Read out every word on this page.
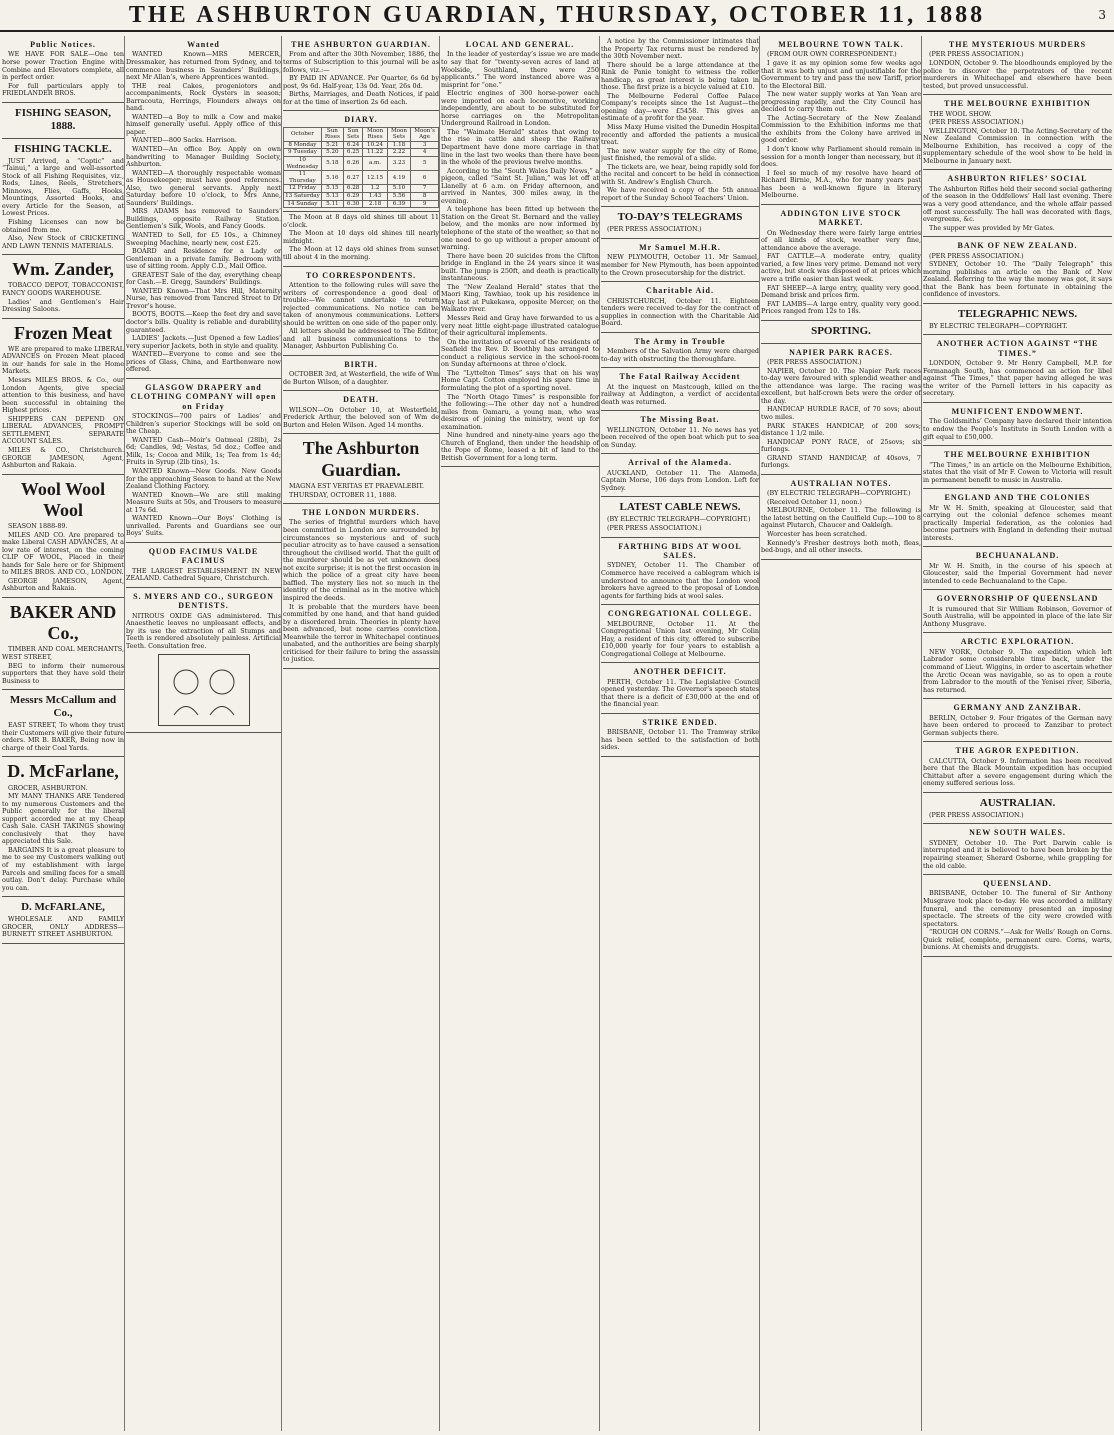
THE ASHBURTON GUARDIAN, THURSDAY, OCTOBER 11, 1888	3
Public Notices.

WE HAVE FOR SALE—One ten horse power Traction Engine with Combine and Elevators complete, all in perfect order.

For full particulars apply to FRIEDLANDER BROS.

FISHING SEASON, 1888.
FISHING TACKLE.

JUST Arrived, a “Coptic” and “Tainui,” a large and well-assorted Stock of all Fishing Requisites, viz., Rods, Lines, Reels, Stretchers, Minnows, Flies, Gaffs, Hooks, Mountings, Assorted Hooks, and every Article for the Season, at Lowest Prices.

Fishing Licenses can now be obtained from me.

Also, New Stock of CRICKETING AND LAWN TENNIS MATERIALS.

Wm. Zander,

TOBACCO DEPOT, TOBACCONIST, FANCY GOODS WAREHOUSE.

Ladies’ and Gentlemen’s Hair Dressing Saloons.

Frozen Meat

WE are prepared to make LIBERAL ADVANCES on Frozen Meat placed in our hands for sale in the Home Markets.

Messrs MILES BROS. & Co., our London Agents, give special attention to this business, and have been successful in obtaining the Highest prices.

SHIPPERS CAN DEPEND ON LIBERAL ADVANCES, PROMPT SETTLEMENT, SEPARATE ACCOUNT SALES.

MILES & CO., Christchurch. GEORGE JAMESON, Agent, Ashburton and Rakaia.

Wool Wool Wool

SEASON 1888-89.

MILES AND CO. Are prepared to make Liberal CASH ADVANCES, At a low rate of interest, on the coming CLIP OF WOOL, Placed in their hands for Sale here or for Shipment to MILES BROS. AND CO., LONDON.

GEORGE JAMESON, Agent, Ashburton and Rakaia.

BAKER AND Co.,

TIMBER AND COAL MERCHANTS, WEST STREET,

BEG to inform their numerous supporters that they have sold their Business to

Messrs McCallum and Co.,

EAST STREET, To whom they trust their Customers will give their future orders. MR B. BAKER, Being now in charge of their Coal Yards.

D. McFarlane,

GROCER, ASHBURTON.

MY MANY THANKS ARE Tendered to my numerous Customers and the Public generally for the liberal support accorded me at my Cheap Cash Sale. CASH TAKINGS showing conclusively that they have appreciated this Sale.

BARGAINS It is a great pleasure to me to see my Customers walking out of my establishment with large Parcels and smiling faces for a small outlay. Don’t delay. Purchase while you can.

D. McFARLANE,

WHOLESALE AND FAMILY GROCER, ONLY ADDRESS— BURNETT STREET ASHBURTON.

Wanted

WANTED Known—MRS MERCER, Dressmaker, has returned from Sydney, and to commence business in Saunders’ Buildings, next Mr Allan’s, where Apprentices wanted.

THE real Cakes, progeniotors and accompaniments, Rock Oysters in season; Barracouta, Herrings, Flounders always on hand.

WANTED—a Boy to milk a Cow and make himself generally useful. Apply office of this paper.

WANTED—800 Sacks. Harrison.

WANTED—An office Boy. Apply on own handwriting to Manager Building Society, Ashburton.

WANTED—A thoroughly respectable woman as Housekeeper; must have good references. Also, two general servants. Apply next Saturday before 10 o’clock, to Mrs Anne, Saunders’ Buildings.

MRS ADAMS has removed to Saunders’ Buildings, opposite Railway Station. Gentlemen’s Silk, Wools, and Fancy Goods.

WANTED to Sell, for £5 10s., a Chimney Sweeping Machine, nearly new, cost £25.

BOARD and Residence for a Lady or Gentleman in a private family. Bedroom with use of sitting room. Apply C.D., Mail Office.

GREATEST Sale of the day, everything cheap for Cash.—E. Gregg, Saunders’ Buildings.

WANTED Known—That Mrs Hill, Maternity Nurse, has removed from Tancred Street to Dr Trevor’s house.

BOOTS, BOOTS.—Keep the feet dry and save doctor’s bills. Quality is reliable and durability guaranteed.

LADIES’ Jackets.—Just Opened a few Ladies’ very superior Jackets, both in style and quality.

WANTED—Everyone to come and see the prices of Glass, China, and Earthenware now offered.

GLASGOW DRAPERY and CLOTHING COMPANY will open on Friday

STOCKINGS—700 pairs of Ladies’ and Children’s superior Stockings will be sold on the Cheap.

WANTED Cash—Moir’s Oatmeal (28lb), 2s 6d; Candles, 9d; Vestas, 5d doz.; Coffee and Milk, 1s; Cocoa and Milk, 1s; Tea from 1s 4d; Fruits in Syrup (2lb tins), 1s.

WANTED Known—New Goods. New Goods for the approaching Season to hand at the New Zealand Clothing Factory.

WANTED Known—We are still making Measure Suits at 50s, and Trousers to measure at 17s 6d.

WANTED Known—Our Boys’ Clothing is unrivalled. Parents and Guardians see our Boys’ Suits.

QUOD FACIMUS VALDE FACIMUS

THE LARGEST ESTABLISHMENT IN NEW ZEALAND. Cathedral Square, Christchurch.

S. MYERS AND CO., SURGEON DENTISTS.

NITROUS OXIDE GAS administered. This Anaesthetic leaves no unpleasant effects, and by its use the extraction of all Stumps and Teeth is rendered absolutely painless. Artificial Teeth. Consultation free.

THE ASHBURTON GUARDIAN.

From and after the 30th November, 1886, the terms of Subscription to this journal will be as follows, viz.:—

BY PAID IN ADVANCE. Per Quarter, 6s 6d by post, 9s 6d. Half-year, 13s 0d. Year, 26s 0d.

Births, Marriages, and Death Notices, if paid for at the time of insertion 2s 6d each.

DIARY.
October	Sun Rises	Sun Sets	Moon Rises	Moon Sets	Moon’s Age
8 Monday	5.21	6.24	10.24	1.18	3
9 Tuesday	5.20	6.25	11.22	2.22	4
10 Wednesday	5.18	6.26	a.m.	3.23	5
11 Thursday	5.16	6.27	12.15	4.19	6
12 Friday	5.15	6.28	1.2	5.10	7
13 Saturday	5.13	6.29	1.43	5.56	8
14 Sunday	5.11	6.30	2.18	6.39	9

The Moon at 8 days old shines till about 11 o’clock.

The Moon at 10 days old shines till nearly midnight.

The Moon at 12 days old shines from sunset till about 4 in the morning.

TO CORRESPONDENTS.

Attention to the following rules will save the writers of correspondence a good deal of trouble:—We cannot undertake to return rejected communications. No notice can be taken of anonymous communications. Letters should be written on one side of the paper only.

All letters should be addressed to The Editor, and all business communications to the Manager, Ashburton Publishing Co.

BIRTH.

OCTOBER 3rd, at Westerfield, the wife of Wm de Burton Wilson, of a daughter.

DEATH.

WILSON—On October 10, at Westerfield, Frederick Arthur, the beloved son of Wm de Burton and Helen Wilson. Aged 14 months.

The Ashburton Guardian.

MAGNA EST VERITAS ET PRAEVALEBIT.

THURSDAY, OCTOBER 11, 1888.

THE LONDON MURDERS.

The series of frightful murders which have been committed in London are surrounded by circumstances so mysterious and of such peculiar atrocity as to have caused a sensation throughout the civilised world. That the guilt of the murderer should be as yet unknown does not excite surprise; it is not the first occasion in which the police of a great city have been baffled. The mystery lies not so much in the identity of the criminal as in the motive which inspired the deeds.

It is probable that the murders have been committed by one hand, and that hand guided by a disordered brain. Theories in plenty have been advanced, but none carries conviction. Meanwhile the terror in Whitechapel continues unabated, and the authorities are being sharply criticised for their failure to bring the assassin to justice.

LOCAL AND GENERAL.

In the leader of yesterday’s issue we are made to say that for “twenty-seven acres of land at Woolside, Southland, there were 250 applicants.” The word instanced above was a misprint for “one.”

Electric engines of 300 horse-power each were imported on each locomotive, working independently, are about to be substituted for horse carriages on the Metropolitan Underground Railroad in London.

The “Waimate Herald” states that owing to the rise in cattle and sheep the Railway Department have done more carriage in that line in the last two weeks than there have been in the whole of the previous twelve months.

According to the “South Wales Daily News,” a pigeon, called “Saint St. Julian,” was let off at Llanelly at 6 a.m. on Friday afternoon, and arrived in Nantes, 300 miles away, in the evening.

A telephone has been fitted up between the Station on the Great St. Bernard and the valley below, and the monks are now informed by telephone of the state of the weather, so that no one need to go up without a proper amount of warning.

There have been 20 suicides from the Clifton bridge in England in the 24 years since it was built. The jump is 250ft, and death is practically instantaneous.

The “New Zealand Herald” states that the Maori King, Tawhiao, took up his residence in May last at Pukekawa, opposite Mercer, on the Waikato river.

Messrs Reid and Gray have forwarded to us a very neat little eight-page illustrated catalogue of their agricultural implements.

On the invitation of several of the residents of Seafield the Rev. D. Boothby has arranged to conduct a religious service in the school-room on Sunday afternoons at three o’clock.

The “Lyttelton Times” says that on his way Home Capt. Cotton employed his spare time in formulating the plot of a sporting novel.

The “North Otago Times” is responsible for the following:—The other day not a hundred miles from Oamaru, a young man, who was desirous of joining the ministry, went up for examination.

Nine hundred and ninety-nine years ago the Church of England, then under the headship of the Pope of Rome, leased a bit of land to the British Government for a long term.

A notice by the Commissioner intimates that the Property Tax returns must be rendered by the 30th November next.

There should be a large attendance at the Rink de Panie tonight to witness the roller handicap, as great interest is being taken in those. The first prize is a bicycle valued at £10.

The Melbourne Federal Coffee Palace Company’s receipts since the 1st August—the opening day—were £5458. This gives an estimate of a profit for the year.

Miss Maxy Hume visited the Dunedin Hospital recently and afforded the patients a musical treat.

The new water supply for the city of Rome, just finished, the removal of a slide.

The tickets are, we hear, being rapidly sold for the recital and concert to be held in connection with St. Andrew’s English Church.

We have received a copy of the 5th annual report of the Sunday School Teachers’ Union.

TO-DAY’S TELEGRAMS

(PER PRESS ASSOCIATION.)

Mr Samuel M.H.R.

NEW PLYMOUTH, October 11. Mr Samuel, member for New Plymouth, has been appointed to the Crown prosecutorship for the district.

Charitable Aid.

CHRISTCHURCH, October 11. Eighteen tenders were received to-day for the contract of supplies in connection with the Charitable Aid Board.

The Army in Trouble

Members of the Salvation Army were charged to-day with obstructing the thoroughfare.

The Fatal Railway Accident

At the inquest on Mastcough, killed on the railway at Addington, a verdict of accidental death was returned.

The Missing Boat.

WELLINGTON, October 11. No news has yet been received of the open boat which put to sea on Sunday.

Arrival of the Alameda.

AUCKLAND, October 11. The Alameda, Captain Morse, 106 days from London. Left for Sydney.

LATEST CABLE NEWS.

(BY ELECTRIC TELEGRAPH—COPYRIGHT.)

(PER PRESS ASSOCIATION.)

FARTHING BIDS AT WOOL SALES.

SYDNEY, October 11. The Chamber of Commerce have received a cablegram which is understood to announce that the London wool brokers have agreed to the proposal of London agents for farthing bids at wool sales.

CONGREGATIONAL COLLEGE.

MELBOURNE, October 11. At the Congregational Union last evening, Mr Colin Hay, a resident of this city, offered to subscribe £10,000 yearly for four years to establish a Congregational College at Melbourne.

ANOTHER DEFICIT.

PERTH, October 11. The Legislative Council opened yesterday. The Governor’s speech states that there is a deficit of £30,000 at the end of the financial year.

STRIKE ENDED.

BRISBANE, October 11. The Tramway strike has been settled to the satisfaction of both sides.

MELBOURNE TOWN TALK.

(FROM OUR OWN CORRESPONDENT.)

I gave it as my opinion some few weeks ago that it was both unjust and unjustifiable for the Government to try and pass the new Tariff, prior to the Electoral Bill.

The new water supply works at Yan Yean are progressing rapidly, and the City Council has decided to carry them out.

The Acting-Secretary of the New Zealand Commission to the Exhibition informs me that the exhibits from the Colony have arrived in good order.

I don’t know why Parliament should remain in session for a month longer than necessary, but it does.

I feel so much of my resolve have heard of Richard Birnie, M.A., who for many years past has been a well-known figure in literary Melbourne.

ADDINGTON LIVE STOCK MARKET.

On Wednesday there were fairly large entries of all kinds of stock, weather very fine, attendance above the average.

FAT CATTLE—A moderate entry, quality varied, a few lines very prime. Demand not very active, but stock was disposed of at prices which were a trifle easier than last week.

FAT SHEEP—A large entry, quality very good. Demand brisk and prices firm.

FAT LAMBS—A large entry, quality very good. Prices ranged from 12s to 18s.

SPORTING.
NAPIER PARK RACES.

(PER PRESS ASSOCIATION.)

NAPIER, October 10. The Napier Park races to-day were favoured with splendid weather and the attendance was large. The racing was excellent, but half-crown bets were the order of the day.

HANDICAP HURDLE RACE, of 70 sovs; about two miles.

PARK STAKES HANDICAP, of 200 sovs; distance 1 1/2 mile.

HANDICAP PONY RACE, of 25sovs; six furlongs.

GRAND STAND HANDICAP, of 40sovs, 7 furlongs.

AUSTRALIAN NOTES.

(BY ELECTRIC TELEGRAPH—COPYRIGHT.)

(Received October 11, noon.)

MELBOURNE, October 11. The following is the latest betting on the Caulfield Cup:—100 to 8 against Plutarch, Chaucer and Oakleigh.

Worcester has been scratched.

Kennedy’s Fresher destroys both moth, fleas, bed-bugs, and all other insects.

THE MYSTERIOUS MURDERS

(PER PRESS ASSOCIATION.)

LONDON, October 9. The bloodhounds employed by the police to discover the perpetrators of the recent murderers in Whitechapel and elsewhere have been tested, but proved unsuccessful.

THE MELBOURNE EXHIBITION

THE WOOL SHOW.

(PER PRESS ASSOCIATION.)

WELLINGTON, October 10. The Acting-Secretary of the New Zealand Commission in connection with the Melbourne Exhibition, has received a copy of the supplementary schedule of the wool show to be held in Melbourne in January next.

ASHBURTON RIFLES’ SOCIAL

The Ashburton Rifles held their second social gathering of the season in the Oddfellows’ Hall last evening. There was a very good attendance, and the whole affair passed off most successfully. The hall was decorated with flags, evergreens, &c.

The supper was provided by Mr Gates.

BANK OF NEW ZEALAND.

(PER PRESS ASSOCIATION.)

SYDNEY, October 10. The “Daily Telegraph” this morning publishes an article on the Bank of New Zealand. Referring to the way the money was got, it says that the Bank has been fortunate in obtaining the confidence of investors.

TELEGRAPHIC NEWS.

BY ELECTRIC TELEGRAPH—COPYRIGHT.

ANOTHER ACTION AGAINST “THE TIMES.”

LONDON, October 9. Mr Henry Campbell, M.P. for Fermanagh South, has commenced an action for libel against “The Times,” that paper having alleged he was the writer of the Parnell letters in his capacity as secretary.

MUNIFICENT ENDOWMENT.

The Goldsmiths’ Company have declared their intention to endow the People’s Institute in South London with a gift equal to £50,000.

THE MELBOURNE EXHIBITION

“The Times,” in an article on the Melbourne Exhibition, states that the visit of Mr F. Cowen to Victoria will result in permanent benefit to music in Australia.

ENGLAND AND THE COLONIES

Mr W. H. Smith, speaking at Gloucester, said that carrying out the colonial defence schemes meant practically Imperial federation, as the colonies had become partners with England in defending their mutual interests.

BECHUANALAND.

Mr W. H. Smith, in the course of his speech at Gloucester, said the Imperial Government had never intended to cede Bechuanaland to the Cape.

GOVERNORSHIP OF QUEENSLAND

It is rumoured that Sir William Robinson, Governor of South Australia, will be appointed in place of the late Sir Anthony Musgrave.

ARCTIC EXPLORATION.

NEW YORK, October 9. The expedition which left Labrador some considerable time back, under the command of Lieut. Wiggins, in order to ascertain whether the Arctic Ocean was navigable, so as to open a route from Labrador to the mouth of the Yenisei river, Siberia, has returned.

GERMANY AND ZANZIBAR.

BERLIN, October 9. Four frigates of the German navy have been ordered to proceed to Zanzibar to protect German subjects there.

THE AGROR EXPEDITION.

CALCUTTA, October 9. Information has been received here that the Black Mountain expedition has occupied Chittabut after a severe engagement during which the enemy suffered serious loss.

AUSTRALIAN.

(PER PRESS ASSOCIATION.)

NEW SOUTH WALES.

SYDNEY, October 10. The Port Darwin cable is interrupted and it is believed to have been broken by the repairing steamer, Sherard Osborne, while grappling for the old cable.

QUEENSLAND.

BRISBANE, October 10. The funeral of Sir Anthony Musgrave took place to-day. He was accorded a military funeral, and the ceremony presented an imposing spectacle. The streets of the city were crowded with spectators.

“ROUGH ON CORNS.”—Ask for Wells’ Rough on Corns. Quick relief, complete, permanent cure. Corns, warts, bunions. At chemists and druggists.
